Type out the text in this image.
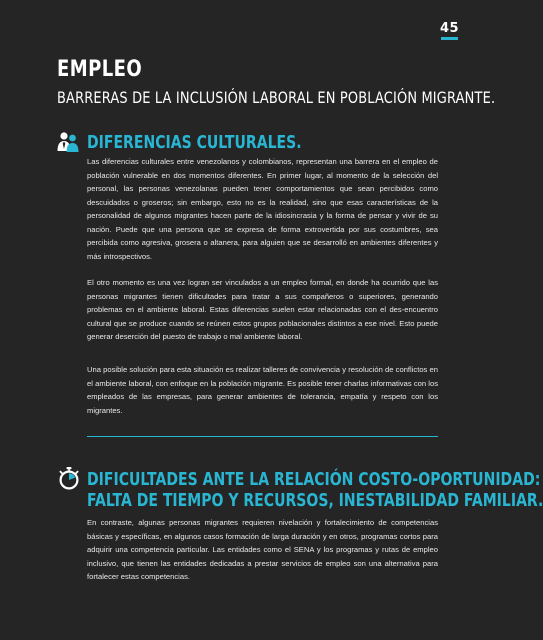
45
EMPLEO
BARRERAS DE LA INCLUSIÓN LABORAL EN POBLACIÓN MIGRANTE.
DIFERENCIAS CULTURALES.

Las diferencias culturales entre venezolanos y colombianos, representan una barrera en el empleo de población vulnerable en dos momentos diferentes. En primer lugar, al momento de la selección del personal, las personas venezolanas pueden tener comportamientos que sean percibidos como descuidados o groseros; sin embargo, esto no es la realidad, sino que esas características de la personalidad de algunos migrantes hacen parte de la idiosincrasia y la forma de pensar y vivir de su nación. Puede que una persona que se expresa de forma extrovertida por sus costumbres, sea percibida como agresiva, grosera o altanera, para alguien que se desarrolló en ambientes diferentes y más introspectivos.

El otro momento es una vez logran ser vinculados a un empleo formal, en donde ha ocurrido que las personas migrantes tienen dificultades para tratar a sus compañeros o superiores, generando problemas en el ambiente laboral. Estas diferencias suelen estar relacionadas con el des-encuentro cultural que se produce cuando se reúnen estos grupos poblacionales distintos a ese nivel. Esto puede generar deserción del puesto de trabajo o mal ambiente laboral.

Una posible solución para esta situación es realizar talleres de convivencia y resolución de conflictos en el ambiente laboral, con enfoque en la población migrante. Es posible tener charlas informativas con los empleados de las empresas, para generar ambientes de tolerancia, empatía y respeto con los migrantes.

DIFICULTADES ANTE LA RELACIÓN COSTO-OPORTUNIDAD:
FALTA DE TIEMPO Y RECURSOS, INESTABILIDAD FAMILIAR.

En contraste, algunas personas migrantes requieren nivelación y fortalecimiento de competencias básicas y específicas, en algunos casos formación de larga duración y en otros, programas cortos para adquirir una competencia particular. Las entidades como el SENA y los programas y rutas de empleo inclusivo, que tienen las entidades dedicadas a prestar servicios de empleo son una alternativa para fortalecer estas competencias.
